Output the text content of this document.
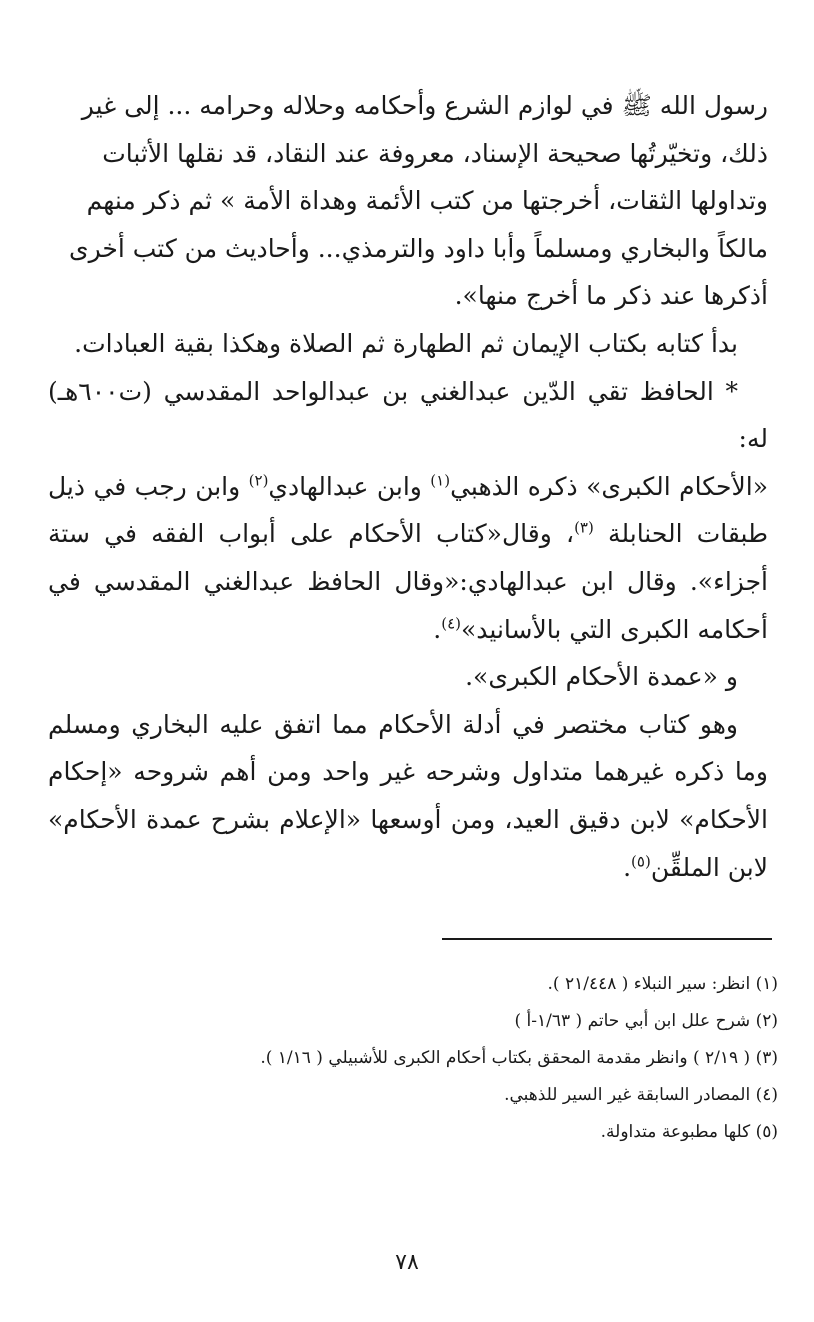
رسول الله ﷺ في لوازم الشرع وأحكامه وحلاله وحرامه ... إلى غير ذلك، وتخيّرتُها صحيحة الإسناد، معروفة عند النقاد، قد نقلها الأثبات وتداولها الثقات، أخرجتها من كتب الأئمة وهداة الأمة » ثم ذكر منهم مالكاً والبخاري ومسلماً وأبا داود والترمذي... وأحاديث من كتب أخرى أذكرها عند ذكر ما أخرج منها».

بدأ كتابه بكتاب الإيمان ثم الطهارة ثم الصلاة وهكذا بقية العبادات.

* الحافظ تقي الدّين عبدالغني بن عبدالواحد المقدسي (ت٦٠٠هـ) له:

«الأحكام الكبرى» ذكره الذهبي$^{(١)}$ وابن عبدالهادي$^{(٢)}$ وابن رجب في ذيل طبقات الحنابلة $^{(٣)}$، وقال«كتاب الأحكام على أبواب الفقه في ستة أجزاء». وقال ابن عبدالهادي:«وقال الحافظ عبدالغني المقدسي في أحكامه الكبرى التي بالأسانيد»$^{(٤)}$.

و «عمدة الأحكام الكبرى».

وهو كتاب مختصر في أدلة الأحكام مما اتفق عليه البخاري ومسلم وما ذكره غيرهما متداول وشرحه غير واحد ومن أهم شروحه «إحكام الأحكام» لابن دقيق العيد، ومن أوسعها «الإعلام بشرح عمدة الأحكام» لابن الملقِّن$^{(٥)}$.

(١) انظر: سير النبلاء ( ٢١/٤٤٨ ).

(٢) شرح علل ابن أبي حاتم ( ١/٦٣-أ )

(٣) ( ٢/١٩ ) وانظر مقدمة المحقق بكتاب أحكام الكبرى للأشبيلي ( ١/١٦ ).

(٤) المصادر السابقة غير السير للذهبي.

(٥) كلها مطبوعة متداولة.

٧٨
